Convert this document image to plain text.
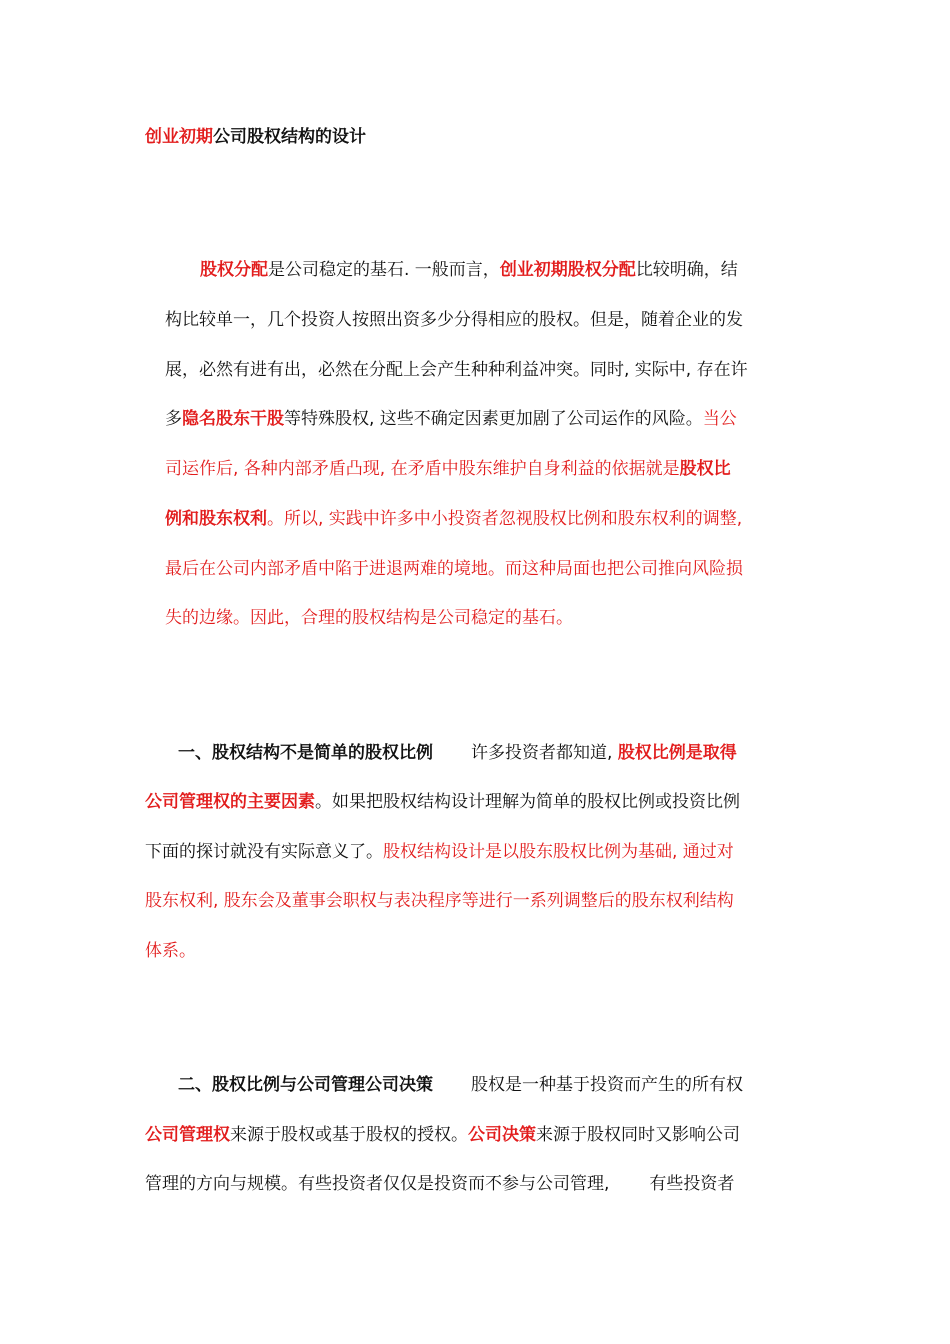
创业初期公司股权结构的设计
股权分配是公司稳定的基石. 一般而言，创业初期股权分配比较明确，结
构比较单一，几个投资人按照出资多少分得相应的股权。但是，随着企业的发
展，必然有进有出，必然在分配上会产生种种利益冲突。同时, 实际中, 存在许
多隐名股东干股等特殊股权, 这些不确定因素更加剧了公司运作的风险。当公
司运作后, 各种内部矛盾凸现, 在矛盾中股东维护自身利益的依据就是股权比
例和股东权利。所以, 实践中许多中小投资者忽视股权比例和股东权利的调整,
最后在公司内部矛盾中陷于进退两难的境地。而这种局面也把公司推向风险损
失的边缘。因此，合理的股权结构是公司稳定的基石。
一、股权结构不是简单的股权比例 许多投资者都知道, 股权比例是取得
公司管理权的主要因素。如果把股权结构设计理解为简单的股权比例或投资比例
下面的探讨就没有实际意义了。股权结构设计是以股东股权比例为基础, 通过对
股东权利, 股东会及董事会职权与表决程序等进行一系列调整后的股东权利结构
体系。
二、股权比例与公司管理公司决策 股权是一种基于投资而产生的所有权
公司管理权来源于股权或基于股权的授权。公司决策来源于股权同时又影响公司
管理的方向与规模。有些投资者仅仅是投资而不参与公司管理, 有些投资者
